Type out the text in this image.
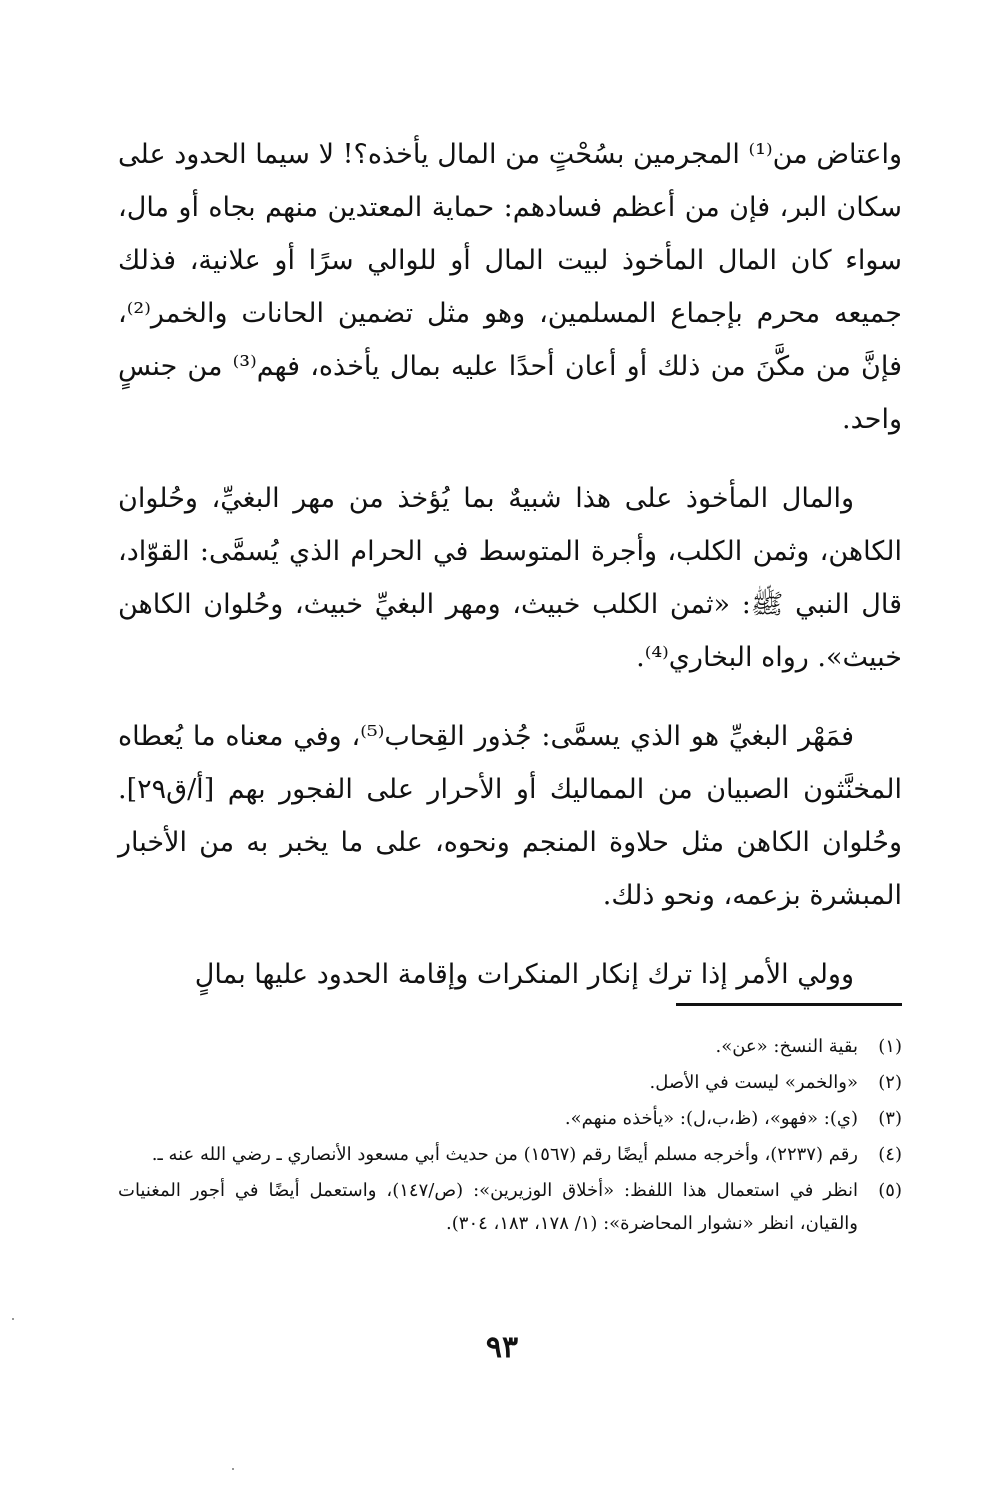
واعتاض من⁽¹⁾ المجرمين بسُحْتٍ من المال يأخذه؟! لا سيما الحدود على سكان البر، فإن من أعظم فسادهم: حماية المعتدين منهم بجاه أو مال، سواء كان المال المأخوذ لبيت المال أو للوالي سرًا أو علانية، فذلك جميعه محرم بإجماع المسلمين، وهو مثل تضمين الحانات والخمر⁽²⁾، فإنَّ من مكَّنَ من ذلك أو أعان أحدًا عليه بمال يأخذه، فهم⁽³⁾ من جنسٍ واحد.

والمال المأخوذ على هذا شبيهٌ بما يُؤخذ من مهر البغيِّ، وحُلوان الكاهن، وثمن الكلب، وأجرة المتوسط في الحرام الذي يُسمَّى: القوّاد، قال النبي ﷺ: «ثمن الكلب خبيث، ومهر البغيِّ خبيث، وحُلوان الكاهن خبيث». رواه البخاري⁽⁴⁾.

فمَهْر البغيِّ هو الذي يسمَّى: جُذور القِحاب⁽⁵⁾، وفي معناه ما يُعطاه المخنَّثون الصبيان من المماليك أو الأحرار على الفجور بهم [أ/ق٢٩]. وحُلوان الكاهن مثل حلاوة المنجم ونحوه، على ما يخبر به من الأخبار المبشرة بزعمه، ونحو ذلك.

وولي الأمر إذا ترك إنكار المنكرات وإقامة الحدود عليها بمالٍ

(١)
بقية النسخ: «عن».
(٢)
«والخمر» ليست في الأصل.
(٣)
(ي): «فهو»، (ظ،ب،ل): «يأخذه منهم».
(٤)
رقم (٢٢٣٧)، وأخرجه مسلم أيضًا رقم (١٥٦٧) من حديث أبي مسعود الأنصاري ـ رضي الله عنه ـ.
(٥)
انظر في استعمال هذا اللفظ: «أخلاق الوزيرين»: (ص/١٤٧)، واستعمل أيضًا في أجور المغنيات والقيان، انظر «نشوار المحاضرة»: (١/ ١٧٨، ١٨٣، ٣٠٤).
٩٣
